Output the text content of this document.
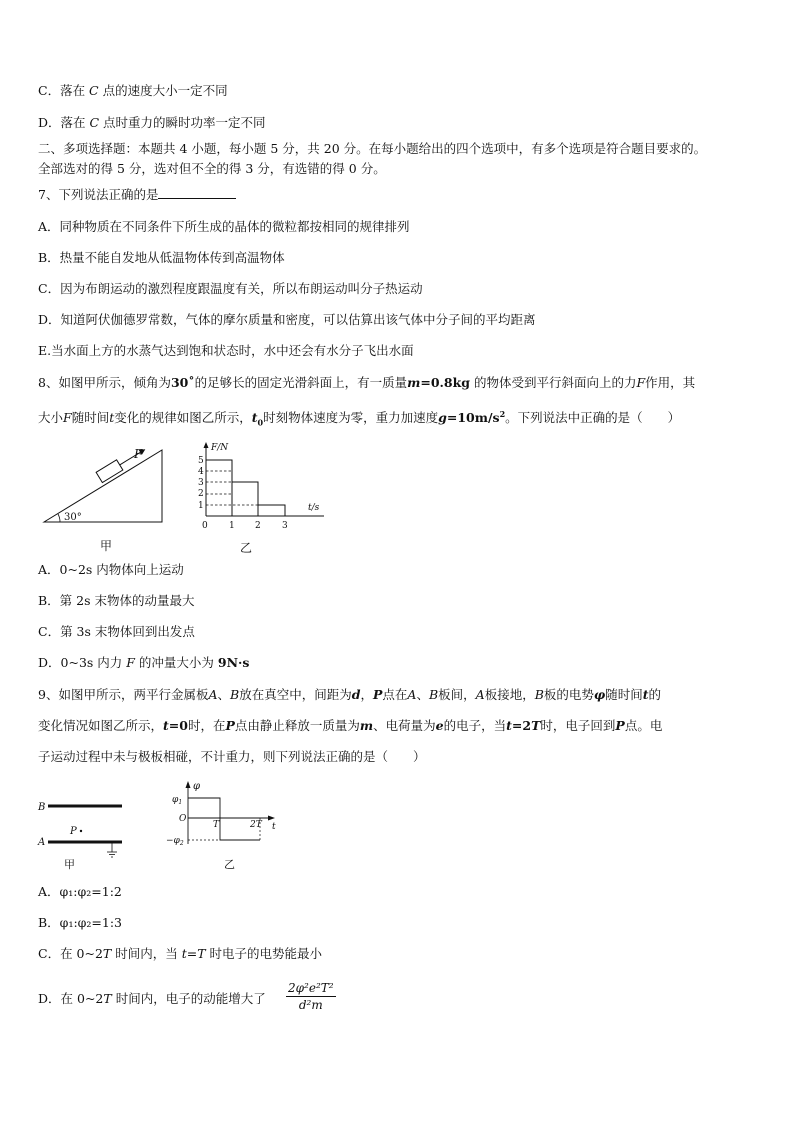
C．落在 C 点的速度大小一定不同
D．落在 C 点时重力的瞬时功率一定不同
二、多项选择题：本题共 4 小题，每小题 5 分，共 20 分。在每小题给出的四个选项中，有多个选项是符合题目要求的。
全部选对的得 5 分，选对但不全的得 3 分，有选错的得 0 分。
7、下列说法正确的是
A．同种物质在不同条件下所生成的晶体的微粒都按相同的规律排列
B．热量不能自发地从低温物体传到高温物体
C．因为布朗运动的激烈程度跟温度有关，所以布朗运动叫分子热运动
D．知道阿伏伽德罗常数，气体的摩尔质量和密度，可以估算出该气体中分子间的平均距离
E.当水面上方的水蒸气达到饱和状态时，水中还会有水分子飞出水面
8、如图甲所示，倾角为30˚的足够长的固定光滑斜面上，有一质量m=0.8kg 的物体受到平行斜面向上的力F作用，其
大小F随时间t变化的规律如图乙所示，$t_0$时刻物体速度为零，重力加速度$g=10m/s^2$。下列说法中正确的是（　　）
F
30°
甲
F/N
t/s
5
4
3
2
1
0 1 2 3
乙
A．0~2s 内物体向上运动
B．第 2s 末物体的动量最大
C．第 3s 末物体回到出发点
D．0~3s 内力 F 的冲量大小为 9N·s
9、如图甲所示，两平行金属板A、B放在真空中，间距为d，P点在A、B板间，A板接地，B板的电势φ随时间t的
变化情况如图乙所示，t=0时，在P点由静止释放一质量为m、电荷量为e的电子，当t=2T时，电子回到P点。电
子运动过程中未与极板相碰，不计重力，则下列说法正确的是（　　）
B
A
P
甲
φ
t
O
T	2T
$\varphi_1$
$-\varphi_2$
乙
A．φ₁:φ₂=1:2
B．φ₁:φ₂=1:3
C．在 0~2T 时间内，当 t=T 时电子的电势能最小
D．在 0~2T 时间内，电子的动能增大了 $\frac{\text{2φ²e²T²}}{\text{d²m}}$
